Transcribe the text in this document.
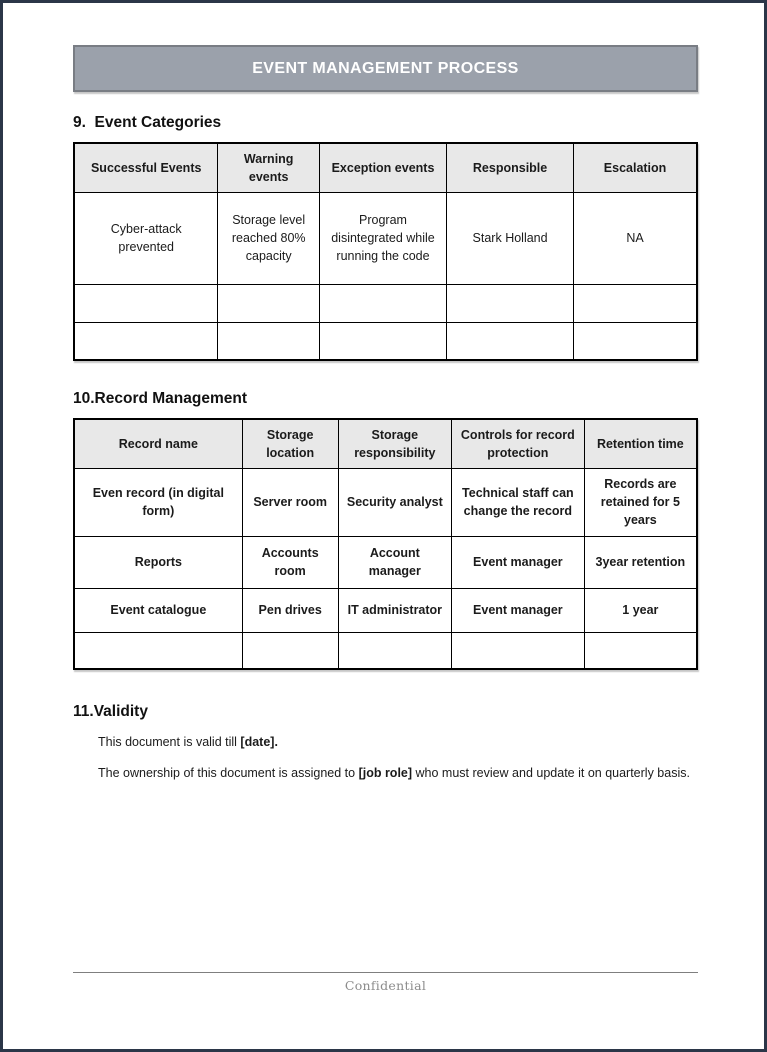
EVENT MANAGEMENT PROCESS
9.  Event Categories
Successful Events	Warning events	Exception events	Responsible	Escalation
Cyber-attack prevented	Storage level reached 80% capacity	Program disintegrated while running the code	Stark Holland	NA

10.Record Management
Record name	Storage location	Storage responsibility	Controls for record protection	Retention time
Even record (in digital form)	Server room	Security analyst	Technical staff can change the record	Records are retained for 5 years
Reports	Accounts room	Account manager	Event manager	3year retention
Event catalogue	Pen drives	IT administrator	Event manager	1 year

11.Validity

This document is valid till [date].

The ownership of this document is assigned to [job role] who must review and update it on quarterly basis.

Confidential
